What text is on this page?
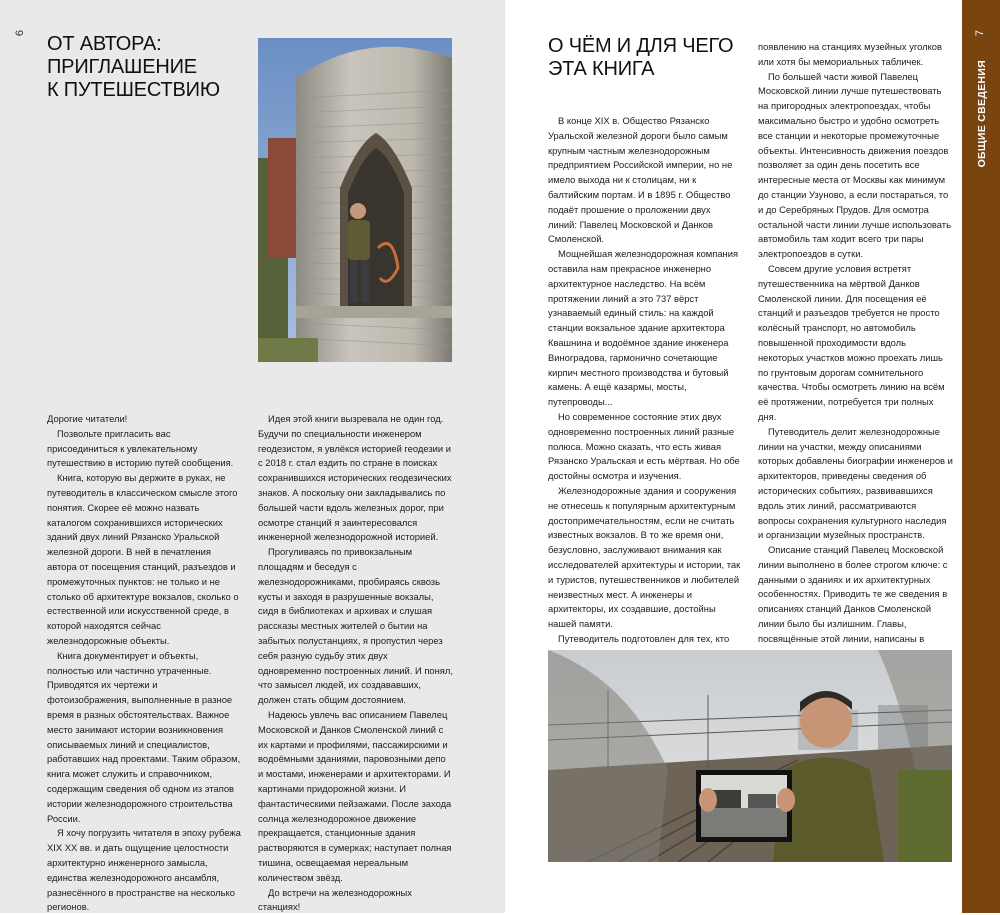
6 ОТ АВТОРА:
ПРИГЛАШЕНИЕ
К ПУТЕШЕСТВИЮ

Дорогие читатели!

Позвольте пригласить вас присоединиться к увлекательному путешествию в историю путей сообщения.

Книга, которую вы держите в руках, не путеводитель в классическом смысле этого понятия. Скорее её можно назвать каталогом сохранившихся исторических зданий двух линий Рязанско Уральской железной дороги. В ней в печатления автора от посещения станций, разъездов и промежуточных пунктов: не только и не столько об архитектуре вокзалов, сколько о естественной или искусственной среде, в которой находятся сейчас железнодорожные объекты.

Книга документирует и объекты, полностью или частично утраченные. Приводятся их чертежи и фотоизображения, выполненные в разное время в разных обстоятельствах. Важное место занимают истории возникновения описываемых линий и специалистов, работавших над проектами. Таким образом, книга может служить и справочником, содержащим сведения об одном из этапов истории железнодорожного строительства России.

Я хочу погрузить читателя в эпоху рубежа XIX XX вв. и дать ощущение целостности архитектурно инженерного замысла, единства железнодорожного ансамбля, разнесённого в пространстве на несколько регионов.

Идея этой книги вызревала не один год. Будучи по специальности инженером геодезистом, я увлёкся историей геодезии и с 2018 г. стал ездить по стране в поисках сохранившихся исторических геодезических знаков. А поскольку они закладывались по большей части вдоль железных дорог, при осмотре станций я заинтересовался инженерной железнодорожной историей.

Прогуливаясь по привокзальным площадям и беседуя с железнодорожниками, пробираясь сквозь кусты и заходя в разрушенные вокзалы, сидя в библиотеках и архивах и слушая рассказы местных жителей о бытии на забытых полустанциях, я пропустил через себя разную судьбу этих двух одновременно построенных линий. И понял, что замысел людей, их создававших, должен стать общим достоянием.

Надеюсь увлечь вас описанием Павелец Московской и Данков Смоленской линий с их картами и профилями, пассажирскими и водоёмными зданиями, паровозными депо и мостами, инженерами и архитекторами. И картинами придорожной жизни. И фантастическими пейзажами. После захода солнца железнодорожное движение прекращается, станционные здания растворяются в сумерках; наступает полная тишина, освещаемая нереальным количеством звёзд.

До встречи на железнодорожных станциях!

О ЧЁМ И ДЛЯ ЧЕГО
ЭТА КНИГА

В конце XIX в. Общество Рязанско Уральской железной дороги было самым крупным частным железнодорожным предприятием Российской империи, но не имело выхода ни к столицам, ни к балтийским портам. И в 1895 г. Общество подаёт прошение о проложении двух линий: Павелец Московской и Данков Смоленской.

Мощнейшая железнодорожная компания оставила нам прекрасное инженерно архитектурное наследство. На всём протяжении линий а это 737 вёрст узнаваемый единый стиль: на каждой станции вокзальное здание архитектора Квашнина и водоёмное здание инженера Виноградова, гармонично сочетающие кирпич местного производства и бутовый камень. А ещё казармы, мосты, путепроводы...

Но современное состояние этих двух одновременно построенных линий разные полюса. Можно сказать, что есть живая Рязанско Уральская и есть мёртвая. Но обе достойны осмотра и изучения.

Железнодорожные здания и сооружения не отнесешь к популярным архитектурным достопримечательностям, если не считать известных вокзалов. В то же время они, безусловно, заслуживают внимания как исследователей архитектуры и истории, так и туристов, путешественников и любителей неизвестных мест. А инженеры и архитекторы, их создавшие, достойны нашей памяти.

Путеводитель подготовлен для тех, кто

появлению на станциях музейных уголков или хотя бы мемориальных табличек.

По большей части живой Павелец Московской линии лучше путешествовать на пригородных электропоездах, чтобы максимально быстро и удобно осмотреть все станции и некоторые промежуточные объекты. Интенсивность движения поездов позволяет за один день посетить все интересные места от Москвы как минимум до станции Узуново, а если постараться, то и до Серебряных Прудов. Для осмотра остальной части линии лучше использовать автомобиль там ходит всего три пары электропоездов в сутки.

Совсем другие условия встретят путешественника на мёртвой Данков Смоленской линии. Для посещения её станций и разъездов требуется не просто колёсный транспорт, но автомобиль повышенной проходимости вдоль некоторых участков можно проехать лишь по грунтовым дорогам сомнительного качества. Чтобы осмотреть линию на всём её протяжении, потребуется три полных дня.

Путеводитель делит железнодорожные линии на участки, между описаниями которых добавлены биографии инженеров и архитекторов, приведены сведения об исторических событиях, развивавшихся вдоль этих линий, рассматриваются вопросы сохранения культурного наследия и организации музейных пространств.

Описание станций Павелец Московской линии выполнено в более строгом ключе: с данными о зданиях и их архитектурных особенностях. Приводить те же сведения в описаниях станций Данков Смоленской линии было бы излишним. Главы, посвящённые этой линии, написаны в

7
ОБЩИЕ СВЕДЕНИЯ
